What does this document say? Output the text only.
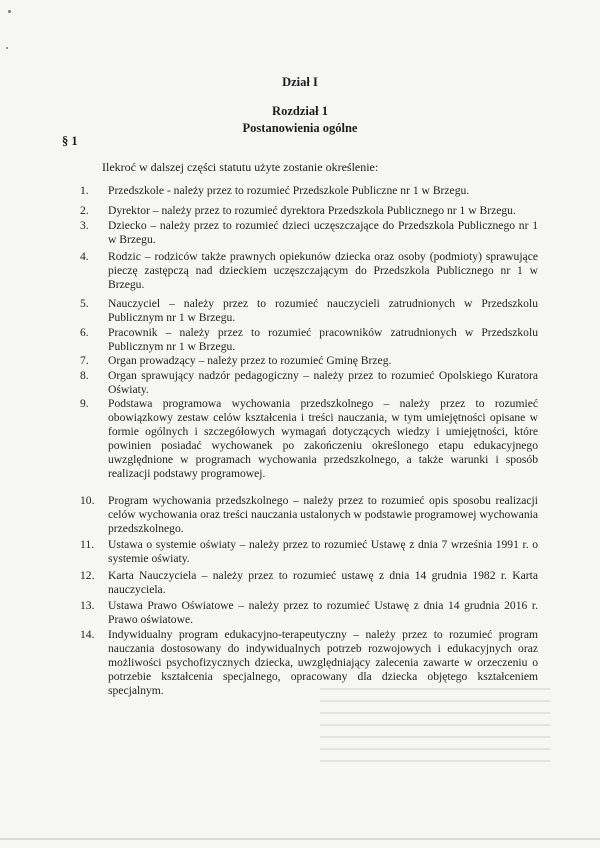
Dział I
Rozdział 1
Postanowienia ogólne
§ 1
Ilekroć w dalszej części statutu użyte zostanie określenie:
1.	Przedszkole - należy przez to rozumieć Przedszkole Publiczne nr 1 w Brzegu.
2.	Dyrektor – należy przez to rozumieć dyrektora Przedszkola Publicznego nr 1 w Brzegu.
3.	Dziecko – należy przez to rozumieć dzieci uczęszczające do Przedszkola Publicznego nr 1 w Brzegu.
4.	Rodzic – rodziców także prawnych opiekunów dziecka oraz osoby (podmioty) sprawujące pieczę zastępczą nad dzieckiem uczęszczającym do Przedszkola Publicznego nr 1 w Brzegu.
5.	Nauczyciel – należy przez to rozumieć nauczycieli zatrudnionych w Przedszkolu Publicznym nr 1 w Brzegu.
6.	Pracownik – należy przez to rozumieć pracowników zatrudnionych w Przedszkolu Publicznym nr 1 w Brzegu.
7.	Organ prowadzący – należy przez to rozumieć Gminę Brzeg.
8.	Organ sprawujący nadzór pedagogiczny – należy przez to rozumieć Opolskiego Kuratora Oświaty.
9.	Podstawa programowa wychowania przedszkolnego – należy przez to rozumieć obowiązkowy zestaw celów kształcenia i treści nauczania, w tym umiejętności opisane w formie ogólnych i szczegółowych wymagań dotyczących wiedzy i umiejętności, które powinien posiadać wychowanek po zakończeniu określonego etapu edukacyjnego uwzględnione w programach wychowania przedszkolnego, a także warunki i sposób realizacji podstawy programowej.
10.	Program wychowania przedszkolnego – należy przez to rozumieć opis sposobu realizacji celów wychowania oraz treści nauczania ustalonych w podstawie programowej wychowania przedszkolnego.
11.	Ustawa o systemie oświaty – należy przez to rozumieć Ustawę z dnia 7 września 1991 r. o systemie oświaty.
12.	Karta Nauczyciela – należy przez to rozumieć ustawę z dnia 14 grudnia 1982 r. Karta nauczyciela.
13.	Ustawa Prawo Oświatowe – należy przez to rozumieć Ustawę z dnia 14 grudnia 2016 r. Prawo oświatowe.
14.	Indywidualny program edukacyjno-terapeutyczny – należy przez to rozumieć program nauczania dostosowany do indywidualnych potrzeb rozwojowych i edukacyjnych oraz możliwości psychofizycznych dziecka, uwzględniający zalecenia zawarte w orzeczeniu o potrzebie kształcenia specjalnego, opracowany dla dziecka objętego kształceniem specjalnym.
